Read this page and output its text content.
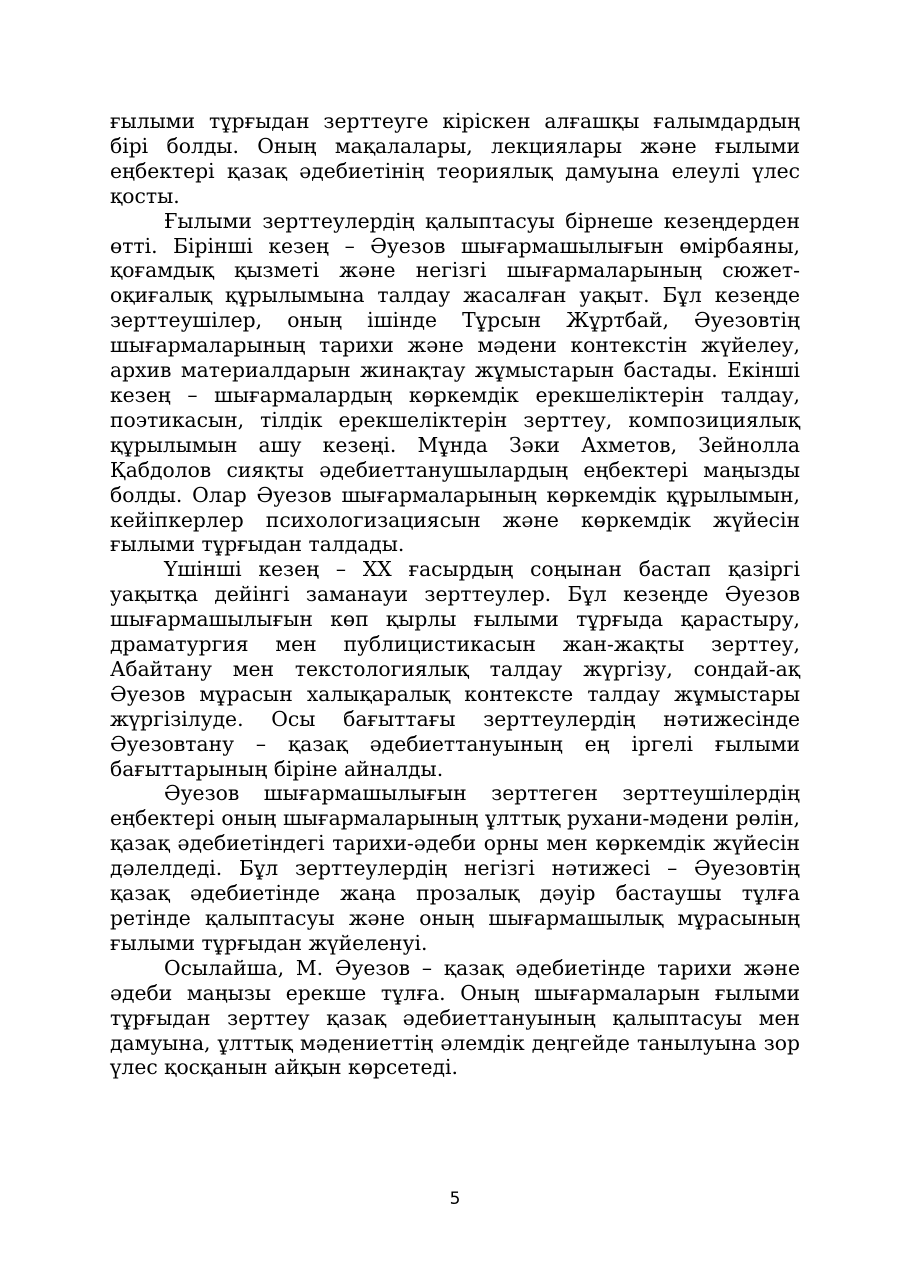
ғылыми тұрғыдан зерттеуге кіріскен алғашқы ғалымдардың бірі болды. Оның мақалалары, лекциялары және ғылыми еңбектері қазақ әдебиетінің теориялық дамуына елеулі үлес қосты.

Ғылыми зерттеулердің қалыптасуы бірнеше кезеңдерден өтті. Бірінші кезең – Әуезов шығармашылығын өмірбаяны, қоғамдық қызметі және негізгі шығармаларының сюжет-оқиғалық құрылымына талдау жасалған уақыт. Бұл кезеңде зерттеушілер, оның ішінде Тұрсын Жұртбай, Әуезовтің шығармаларының тарихи және мәдени контекстін жүйелеу, архив материалдарын жинақтау жұмыстарын бастады. Екінші кезең – шығармалардың көркемдік ерекшеліктерін талдау, поэтикасын, тілдік ерекшеліктерін зерттеу, композициялық құрылымын ашу кезеңі. Мұнда Зәки Ахметов, Зейнолла Қабдолов сияқты әдебиеттанушылардың еңбектері маңызды болды. Олар Әуезов шығармаларының көркемдік құрылымын, кейіпкерлер психологизациясын және көркемдік жүйесін ғылыми тұрғыдан талдады.

Үшінші кезең – XX ғасырдың соңынан бастап қазіргі уақытқа дейінгі заманауи зерттеулер. Бұл кезеңде Әуезов шығармашылығын көп қырлы ғылыми тұрғыда қарастыру, драматургия мен публицистикасын жан-жақты зерттеу, Абайтану мен текстологиялық талдау жүргізу, сондай-ақ Әуезов мұрасын халықаралық контексте талдау жұмыстары жүргізілуде. Осы бағыттағы зерттеулердің нәтижесінде Әуезовтану – қазақ әдебиеттануының ең іргелі ғылыми бағыттарының біріне айналды.

Әуезов шығармашылығын зерттеген зерттеушілердің еңбектері оның шығармаларының ұлттық рухани-мәдени рөлін, қазақ әдебиетіндегі тарихи-әдеби орны мен көркемдік жүйесін дәлелдеді. Бұл зерттеулердің негізгі нәтижесі – Әуезовтің қазақ әдебиетінде жаңа прозалық дәуір бастаушы тұлға ретінде қалыптасуы және оның шығармашылық мұрасының ғылыми тұрғыдан жүйеленуі.

Осылайша, М. Әуезов – қазақ әдебиетінде тарихи және әдеби маңызы ерекше тұлға. Оның шығармаларын ғылыми тұрғыдан зерттеу қазақ әдебиеттануының қалыптасуы мен дамуына, ұлттық мәдениеттің әлемдік деңгейде танылуына зор үлес қосқанын айқын көрсетеді.

5
